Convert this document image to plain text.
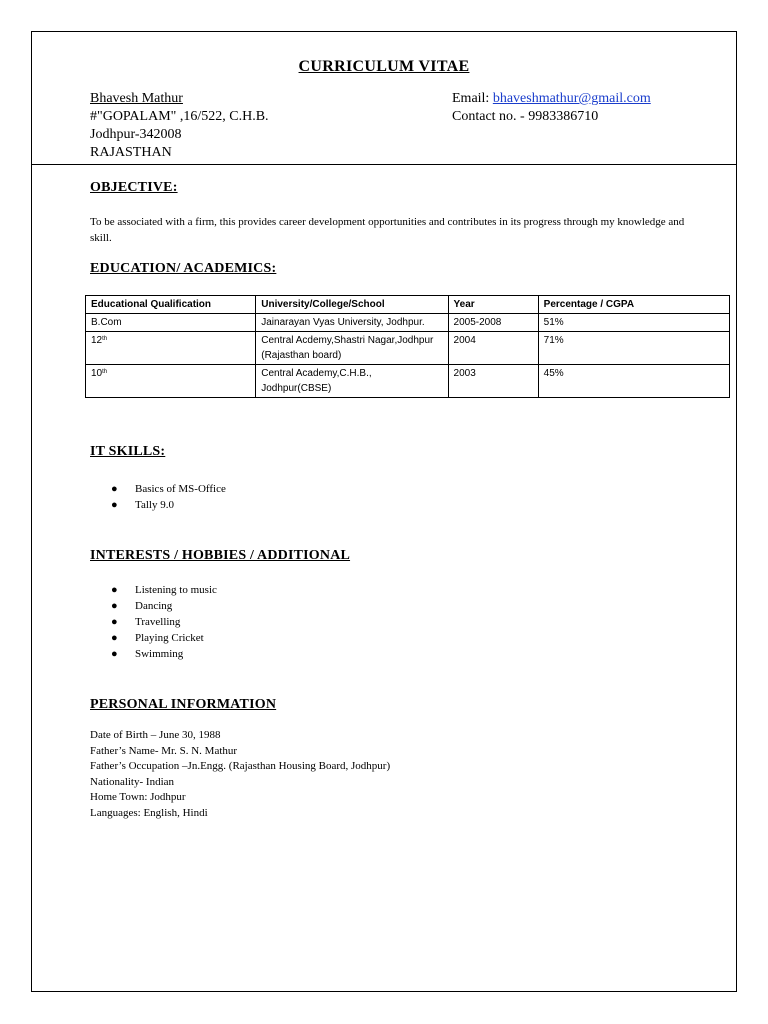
CURRICULUM VITAE
Bhavesh Mathur
#"GOPALAM" ,16/522, C.H.B.
Jodhpur-342008
RAJASTHAN
Email: bhaveshmathur@gmail.com
Contact no. - 9983386710
OBJECTIVE:
To be associated with a firm, this provides career development opportunities and contributes in its progress through my knowledge and skill.
EDUCATION/ ACADEMICS:
Educational Qualification	University/College/School	Year	Percentage / CGPA
B.Com	Jainarayan Vyas University, Jodhpur.	2005-2008	51%
12th	Central Acdemy,Shastri Nagar,Jodhpur (Rajasthan board)	2004	71%
10th	Central Academy,C.H.B., Jodhpur(CBSE)	2003	45%
IT SKILLS:
● Basics of MS-Office
● Tally 9.0
INTERESTS / HOBBIES / ADDITIONAL
● Listening to music
● Dancing
● Travelling
● Playing Cricket
● Swimming
PERSONAL INFORMATION
Date of Birth – June 30, 1988
Father’s Name- Mr. S. N. Mathur
Father’s Occupation –Jn.Engg. (Rajasthan Housing Board, Jodhpur)
Nationality- Indian
Home Town: Jodhpur
Languages: English, Hindi
